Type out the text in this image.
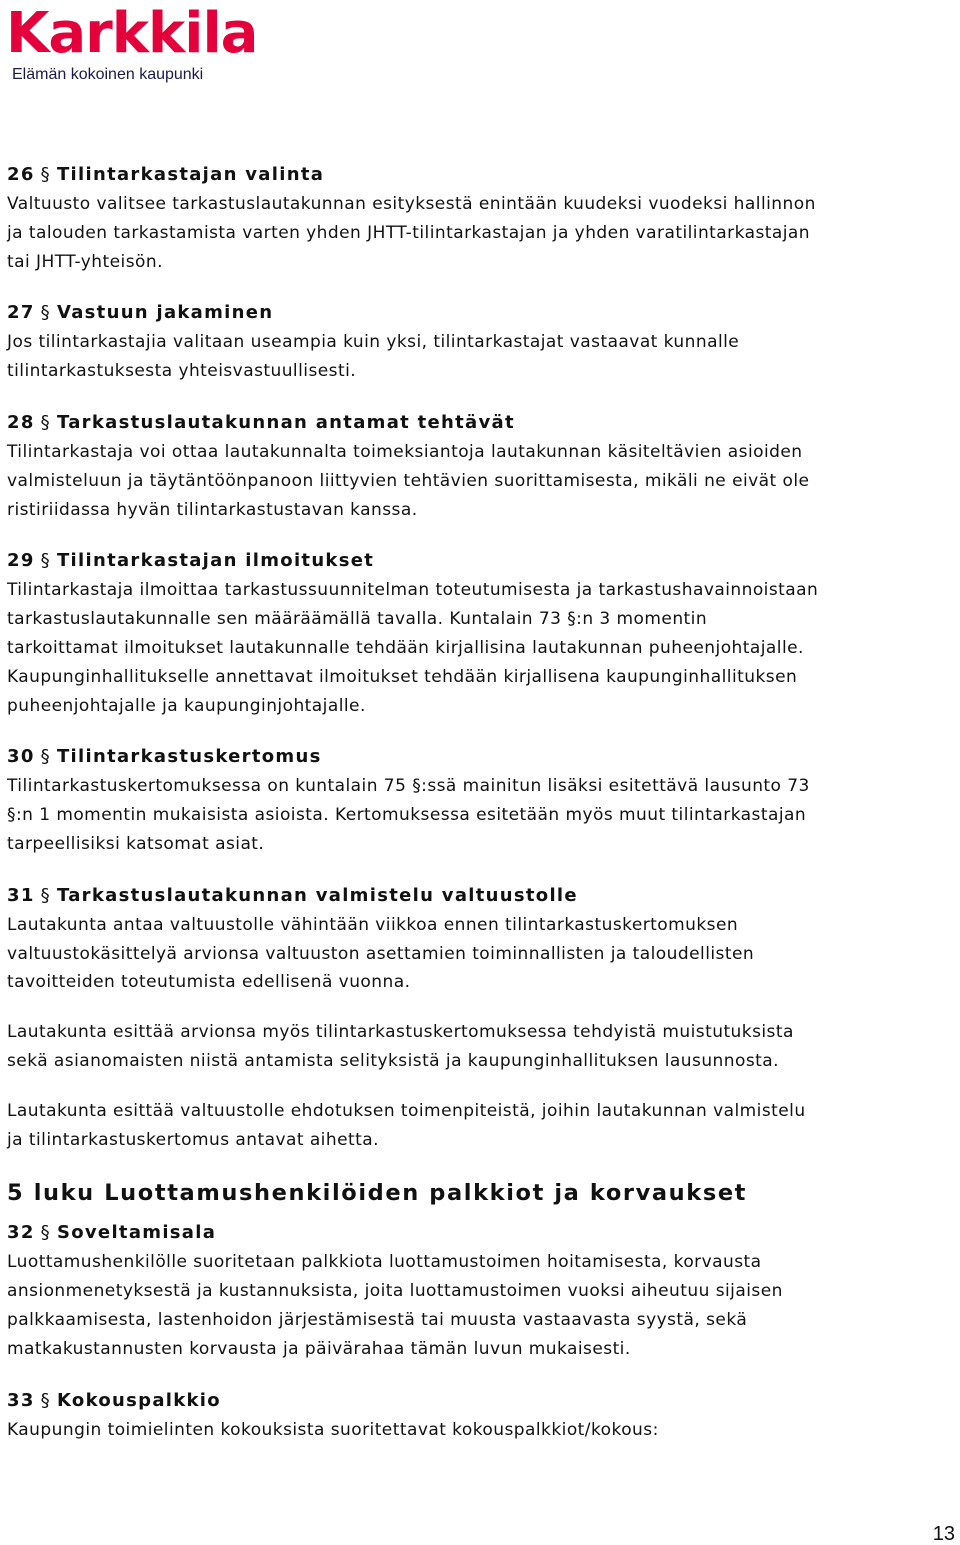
Karkkila
Elämän kokoinen kaupunki
26 § Tilintarkastajan valinta

Valtuusto valitsee tarkastuslautakunnan esityksestä enintään kuudeksi vuodeksi hallinnon
ja talouden tarkastamista varten yhden JHTT-tilintarkastajan ja yhden varatilintarkastajan
tai JHTT-yhteisön.

27 § Vastuun jakaminen

Jos tilintarkastajia valitaan useampia kuin yksi, tilintarkastajat vastaavat kunnalle
tilintarkastuksesta yhteisvastuullisesti.

28 § Tarkastuslautakunnan antamat tehtävät

Tilintarkastaja voi ottaa lautakunnalta toimeksiantoja lautakunnan käsiteltävien asioiden
valmisteluun ja täytäntöönpanoon liittyvien tehtävien suorittamisesta, mikäli ne eivät ole
ristiriidassa hyvän tilintarkastustavan kanssa.

29 § Tilintarkastajan ilmoitukset

Tilintarkastaja ilmoittaa tarkastussuunnitelman toteutumisesta ja tarkastushavainnoistaan
tarkastuslautakunnalle sen määräämällä tavalla. Kuntalain 73 §:n 3 momentin
tarkoittamat ilmoitukset lautakunnalle tehdään kirjallisina lautakunnan puheenjohtajalle.
Kaupunginhallitukselle annettavat ilmoitukset tehdään kirjallisena kaupunginhallituksen
puheenjohtajalle ja kaupunginjohtajalle.

30 § Tilintarkastuskertomus

Tilintarkastuskertomuksessa on kuntalain 75 §:ssä mainitun lisäksi esitettävä lausunto 73
§:n 1 momentin mukaisista asioista. Kertomuksessa esitetään myös muut tilintarkastajan
tarpeellisiksi katsomat asiat.

31 § Tarkastuslautakunnan valmistelu valtuustolle

Lautakunta antaa valtuustolle vähintään viikkoa ennen tilintarkastuskertomuksen
valtuustokäsittelyä arvionsa valtuuston asettamien toiminnallisten ja taloudellisten
tavoitteiden toteutumista edellisenä vuonna.

Lautakunta esittää arvionsa myös tilintarkastuskertomuksessa tehdyistä muistutuksista
sekä asianomaisten niistä antamista selityksistä ja kaupunginhallituksen lausunnosta.

Lautakunta esittää valtuustolle ehdotuksen toimenpiteistä, joihin lautakunnan valmistelu
ja tilintarkastuskertomus antavat aihetta.

5 luku Luottamushenkilöiden palkkiot ja korvaukset
32 § Soveltamisala

Luottamushenkilölle suoritetaan palkkiota luottamustoimen hoitamisesta, korvausta
ansionmenetyksestä ja kustannuksista, joita luottamustoimen vuoksi aiheutuu sijaisen
palkkaamisesta, lastenhoidon järjestämisestä tai muusta vastaavasta syystä, sekä
matkakustannusten korvausta ja päivärahaa tämän luvun mukaisesti.

33 § Kokouspalkkio

Kaupungin toimielinten kokouksista suoritettavat kokouspalkkiot/kokous:

13
